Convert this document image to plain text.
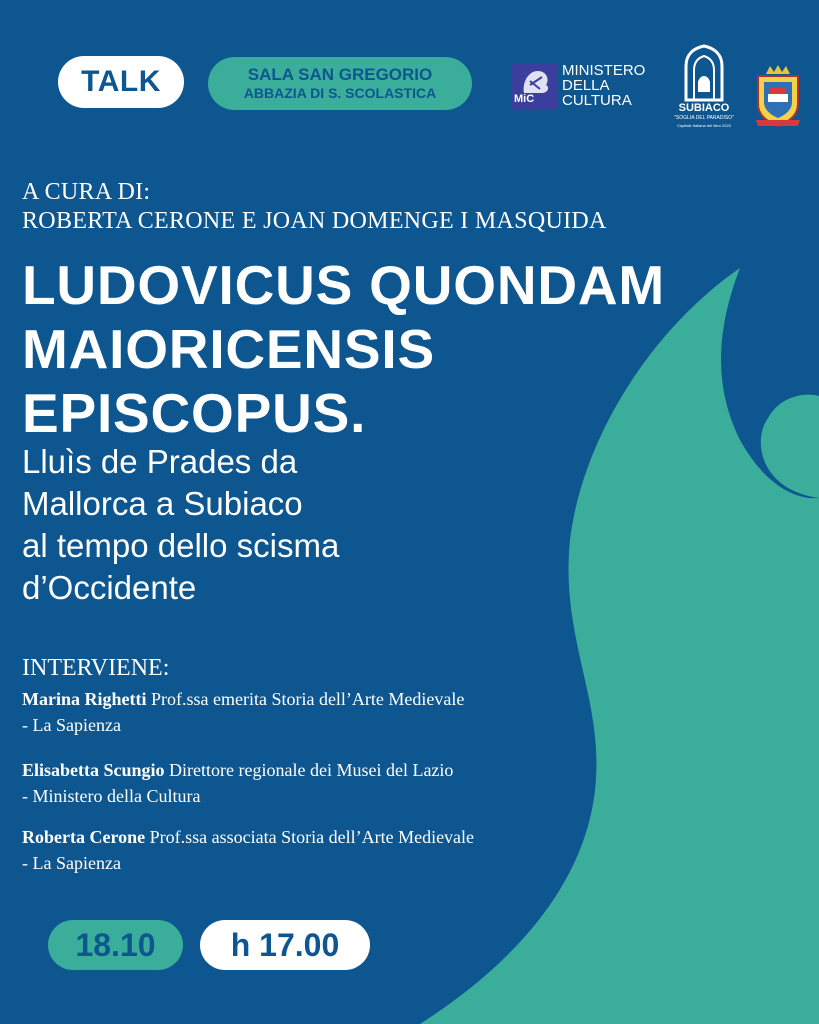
TALK	SALA SAN GREGORIO
ABBAZIA DI S. SCOLASTICA	MiC
MINISTERO
DELLA
CULTURA	SUBIACO
"SOGLIA DEL PARADISO"
Capitale Italiana del libro 2023
A CURA DI:
ROBERTA CERONE E JOAN DOMENGE I MASQUIDA
LUDOVICUS QUONDAM
MAIORICENSIS
EPISCOPUS.
Lluìs de Prades da
Mallorca a Subiaco
al tempo dello scisma
d’Occidente
INTERVIENE:
Marina Righetti Prof.ssa emerita Storia dell’Arte Medievale
- La Sapienza
Elisabetta Scungio Direttore regionale dei Musei del Lazio
- Ministero della Cultura
Roberta Cerone Prof.ssa associata Storia dell’Arte Medievale
- La Sapienza
18.10	h 17.00
